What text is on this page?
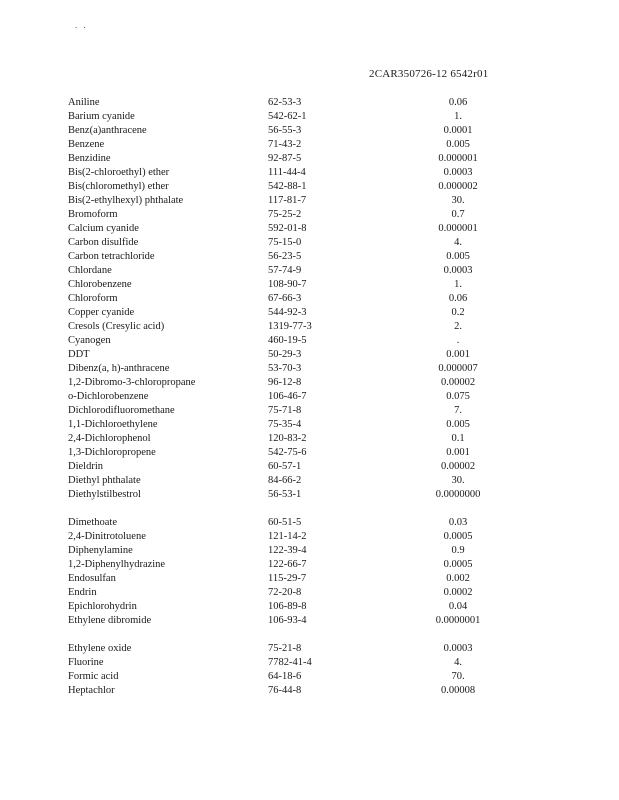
. .
2CAR350726-12 6542r01
Aniline	62-53-3	0.06
Barium cyanide	542-62-1	1.
Benz(a)anthracene	56-55-3	0.0001
Benzene	71-43-2	0.005
Benzidine	92-87-5	0.000001
Bis(2-chloroethyl) ether	111-44-4	0.0003
Bis(chloromethyl) ether	542-88-1	0.000002
Bis(2-ethylhexyl) phthalate	117-81-7	30.
Bromoform	75-25-2	0.7
Calcium cyanide	592-01-8	0.000001
Carbon disulfide	75-15-0	4.
Carbon tetrachloride	56-23-5	0.005
Chlordane	57-74-9	0.0003
Chlorobenzene	108-90-7	1.
Chloroform	67-66-3	0.06
Copper cyanide	544-92-3	0.2
Cresols (Cresylic acid)	1319-77-3	2.
Cyanogen	460-19-5	.
DDT	50-29-3	0.001
Dibenz(a, h)-anthracene	53-70-3	0.000007
1,2-Dibromo-3-chloropropane	96-12-8	0.00002
o-Dichlorobenzene	106-46-7	0.075
Dichlorodifluoromethane	75-71-8	7.
1,1-Dichloroethylene	75-35-4	0.005
2,4-Dichlorophenol	120-83-2	0.1
1,3-Dichloropropene	542-75-6	0.001
Dieldrin	60-57-1	0.00002
Diethyl phthalate	84-66-2	30.
Diethylstilbestrol	56-53-1	0.0000000
Dimethoate	60-51-5	0.03
2,4-Dinitrotoluene	121-14-2	0.0005
Diphenylamine	122-39-4	0.9
1,2-Diphenylhydrazine	122-66-7	0.0005
Endosulfan	115-29-7	0.002
Endrin	72-20-8	0.0002
Epichlorohydrin	106-89-8	0.04
Ethylene dibromide	106-93-4	0.0000001
Ethylene oxide	75-21-8	0.0003
Fluorine	7782-41-4	4.
Formic acid	64-18-6	70.
Heptachlor	76-44-8	0.00008
